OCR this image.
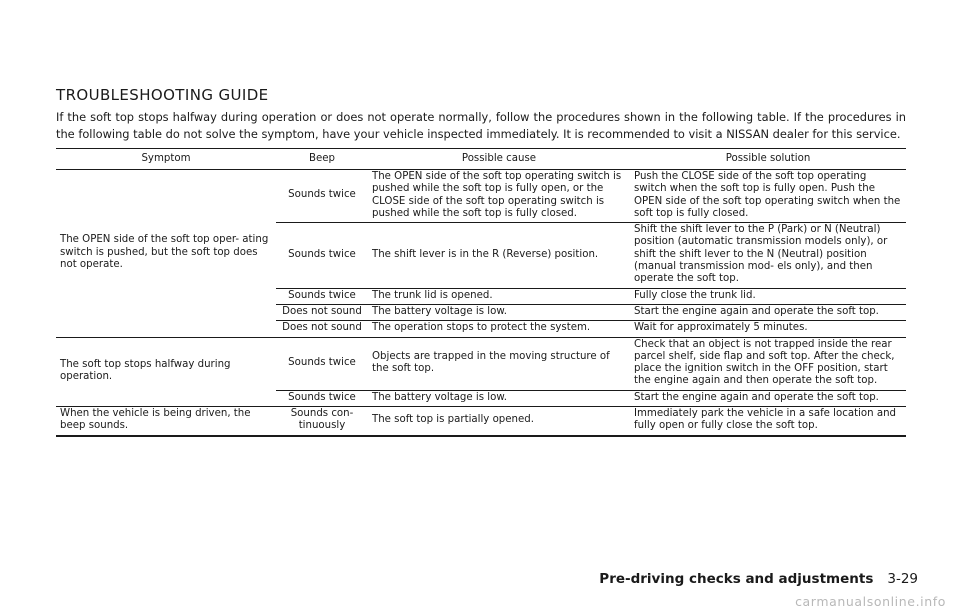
TROUBLESHOOTING GUIDE

If the soft top stops halfway during operation or does not operate normally, follow the procedures shown in the following table. If the procedures in the following table do not solve the symptom, have your vehicle inspected immediately. It is recommended to visit a NISSAN dealer for this service.

Symptom	Beep	Possible cause	Possible solution
The OPEN side of the soft top oper- ating switch is pushed, but the soft top does not operate.	Sounds twice	The OPEN side of the soft top operating switch is pushed while the soft top is fully open, or the CLOSE side of the soft top operating switch is pushed while the soft top is fully closed.	Push the CLOSE side of the soft top operating switch when the soft top is fully open. Push the OPEN side of the soft top operating switch when the soft top is fully closed.
	Sounds twice	The shift lever is in the R (Reverse) position.	Shift the shift lever to the P (Park) or N (Neutral) position (automatic transmission models only), or shift the shift lever to the N (Neutral) position (manual transmission mod- els only), and then operate the soft top.
	Sounds twice	The trunk lid is opened.	Fully close the trunk lid.
	Does not sound	The battery voltage is low.	Start the engine again and operate the soft top.
	Does not sound	The operation stops to protect the system.	Wait for approximately 5 minutes.
The soft top stops halfway during operation.	Sounds twice	Objects are trapped in the moving structure of the soft top.	Check that an object is not trapped inside the rear parcel shelf, side flap and soft top. After the check, place the ignition switch in the OFF position, start the engine again and then operate the soft top.
	Sounds twice	The battery voltage is low.	Start the engine again and operate the soft top.
When the vehicle is being driven, the beep sounds.	Sounds con- tinuously	The soft top is partially opened.	Immediately park the vehicle in a safe location and fully open or fully close the soft top.
Pre-driving checks and adjustments 3-29
carmanualsonline.info
